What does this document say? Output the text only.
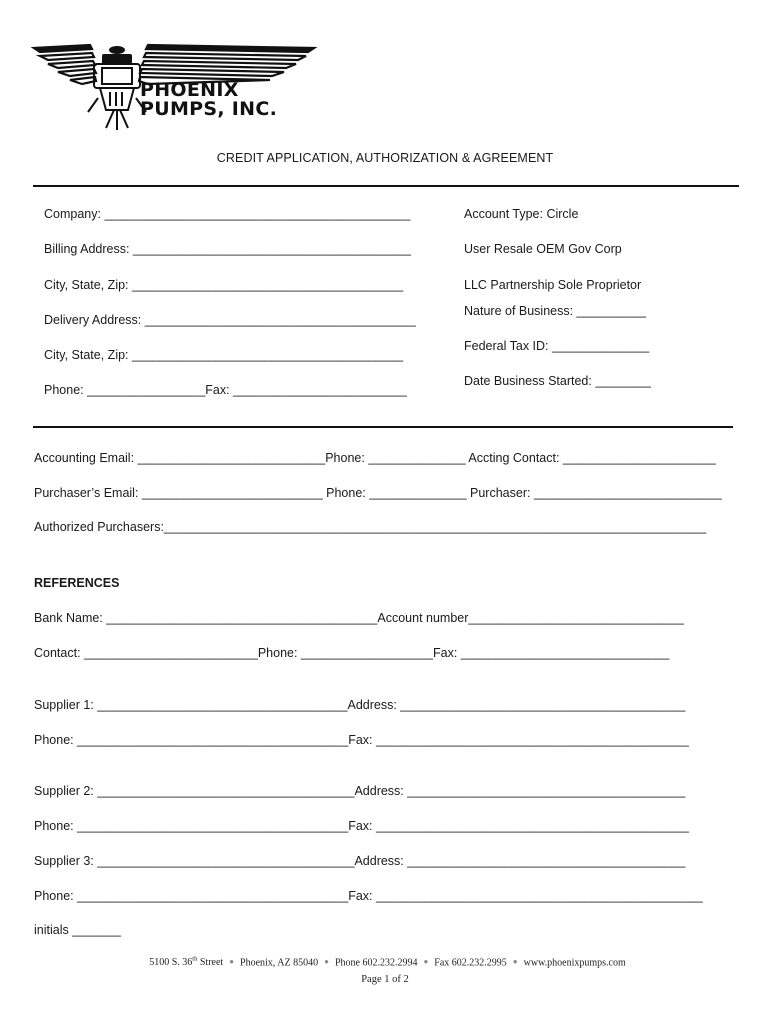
PHOENIX

PUMPS, INC.

CREDIT APPLICATION, AUTHORIZATION & AGREEMENT
Company: ____________________________________________
Billing Address: ________________________________________
City, State, Zip: _______________________________________
Delivery Address: _______________________________________
City, State, Zip: _______________________________________
Phone: _________________Fax: _________________________
Account Type: Circle
User Resale OEM Gov Corp
LLC Partnership Sole Proprietor
Nature of Business: __________
Federal Tax ID: ______________
Date Business Started: ________
Accounting Email: ___________________________Phone: ______________ Accting Contact: ______________________
Purchaser’s Email: __________________________ Phone: ______________ Purchaser: ___________________________
Authorized Purchasers:______________________________________________________________________________
REFERENCES
Bank Name: _______________________________________Account number_______________________________
Contact: _________________________Phone: ___________________Fax: ______________________________
Supplier 1: ____________________________________Address: _________________________________________
Phone: _______________________________________Fax: _____________________________________________
Supplier 2: _____________________________________Address: ________________________________________
Phone: _______________________________________Fax: _____________________________________________
Supplier 3: _____________________________________Address: ________________________________________
Phone: _______________________________________Fax: _______________________________________________
initials _______

5100 S. 36th Street ● Phoenix, AZ 85040 ● Phone 602.232.2994 ● Fax 602.232.2995 ● www.phoenixpumps.com

Page 1 of 2
